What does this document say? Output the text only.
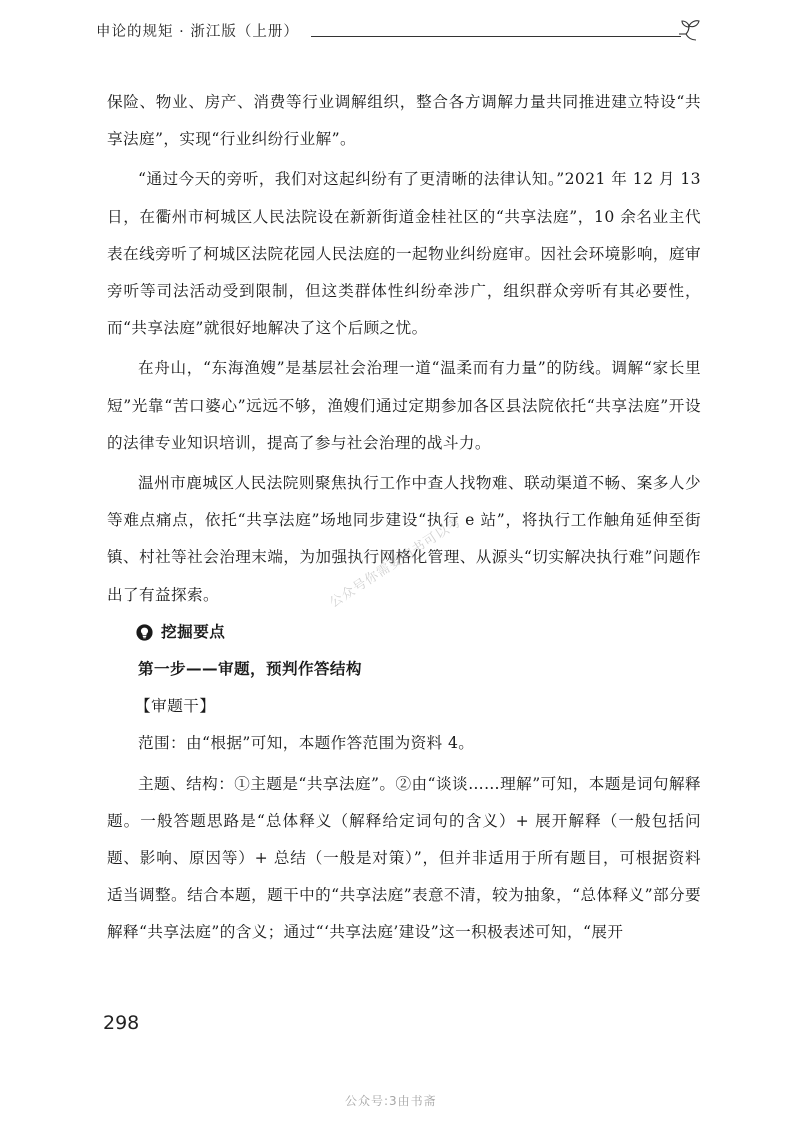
申论的规矩 · 浙江版（上册）

保险、物业、房产、消费等行业调解组织，整合各方调解力量共同推进建立特设“共享法庭”，实现“行业纠纷行业解”。

“通过今天的旁听，我们对这起纠纷有了更清晰的法律认知。”2021 年 12 月 13 日，在衢州市柯城区人民法院设在新新街道金桂社区的“共享法庭”，10 余名业主代表在线旁听了柯城区法院花园人民法庭的一起物业纠纷庭审。因社会环境影响，庭审旁听等司法活动受到限制，但这类群体性纠纷牵涉广，组织群众旁听有其必要性，而“共享法庭”就很好地解决了这个后顾之忧。

在舟山，“东海渔嫂”是基层社会治理一道“温柔而有力量”的防线。调解“家长里短”光靠“苦口婆心”远远不够，渔嫂们通过定期参加各区县法院依托“共享法庭”开设的法律专业知识培训，提高了参与社会治理的战斗力。

温州市鹿城区人民法院则聚焦执行工作中查人找物难、联动渠道不畅、案多人少等难点痛点，依托“共享法庭”场地同步建设“执行 e 站”，将执行工作触角延伸至街镇、村社等社会治理末端，为加强执行网格化管理、从源头“切实解决执行难”问题作出了有益探索。

挖掘要点

第一步——审题，预判作答结构

【审题干】

范围：由“根据”可知，本题作答范围为资料 4。

主题、结构：①主题是“共享法庭”。②由“谈谈……理解”可知，本题是词句解释题。一般答题思路是“总体释义（解释给定词句的含义）+ 展开解释（一般包括问题、影响、原因等）+ 总结（一般是对策）”，但并非适用于所有题目，可根据资料适当调整。结合本题，题干中的“共享法庭”表意不清，较为抽象，“总体释义”部分要解释“共享法庭”的含义；通过“‘共享法庭’建设”这一积极表述可知，“展开

公众号你需要的书可以考
298
公众号:3由书斋
